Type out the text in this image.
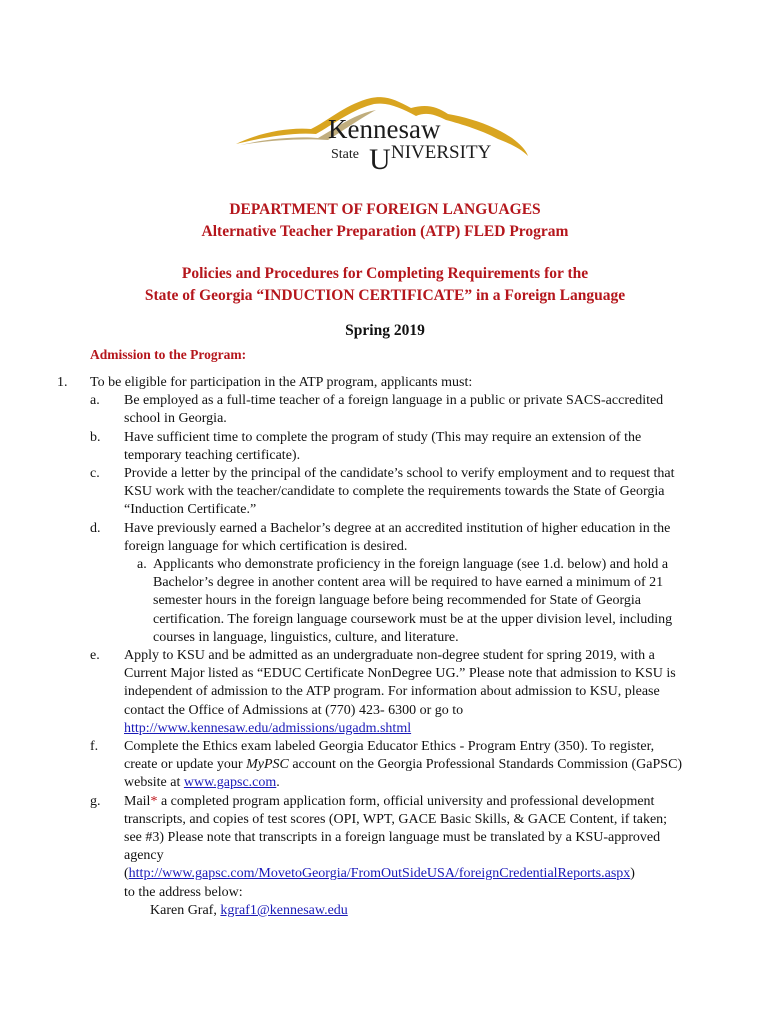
Kennesaw
State U NIVERSITY
DEPARTMENT OF FOREIGN LANGUAGES
Alternative Teacher Preparation (ATP) FLED Program
Policies and Procedures for Completing Requirements for the
State of Georgia “INDUCTION CERTIFICATE” in a Foreign Language
Spring 2019
Admission to the Program:
1. To be eligible for participation in the ATP program, applicants must:
a. Be employed as a full-time teacher of a foreign language in a public or private SACS-accredited school in Georgia.
b. Have sufficient time to complete the program of study (This may require an extension of the temporary teaching certificate).
c. Provide a letter by the principal of the candidate’s school to verify employment and to request that KSU work with the teacher/candidate to complete the requirements towards the State of Georgia “Induction Certificate.”
d. Have previously earned a Bachelor’s degree at an accredited institution of higher education in the foreign language for which certification is desired.
a. Applicants who demonstrate proficiency in the foreign language (see 1.d. below) and hold a Bachelor’s degree in another content area will be required to have earned a minimum of 21 semester hours in the foreign language before being recommended for State of Georgia certification. The foreign language coursework must be at the upper division level, including courses in language, linguistics, culture, and literature.
e. Apply to KSU and be admitted as an undergraduate non-degree student for spring 2019, with a Current Major listed as “EDUC Certificate NonDegree UG.” Please note that admission to KSU is independent of admission to the ATP program. For information about admission to KSU, please contact the Office of Admissions at (770) 423- 6300 or go to
http://www.kennesaw.edu/admissions/ugadm.shtml
f. Complete the Ethics exam labeled Georgia Educator Ethics - Program Entry (350). To register, create or update your MyPSC account on the Georgia Professional Standards Commission (GaPSC) website at www.gapsc.com.
g. Mail* a completed program application form, official university and professional development transcripts, and copies of test scores (OPI, WPT, GACE Basic Skills, & GACE Content, if taken; see #3) Please note that transcripts in a foreign language must be translated by a KSU-approved agency
(http://www.gapsc.com/MovetoGeorgia/FromOutSideUSA/foreignCredentialReports.aspx)
to the address below:
Karen Graf, kgraf1@kennesaw.edu
